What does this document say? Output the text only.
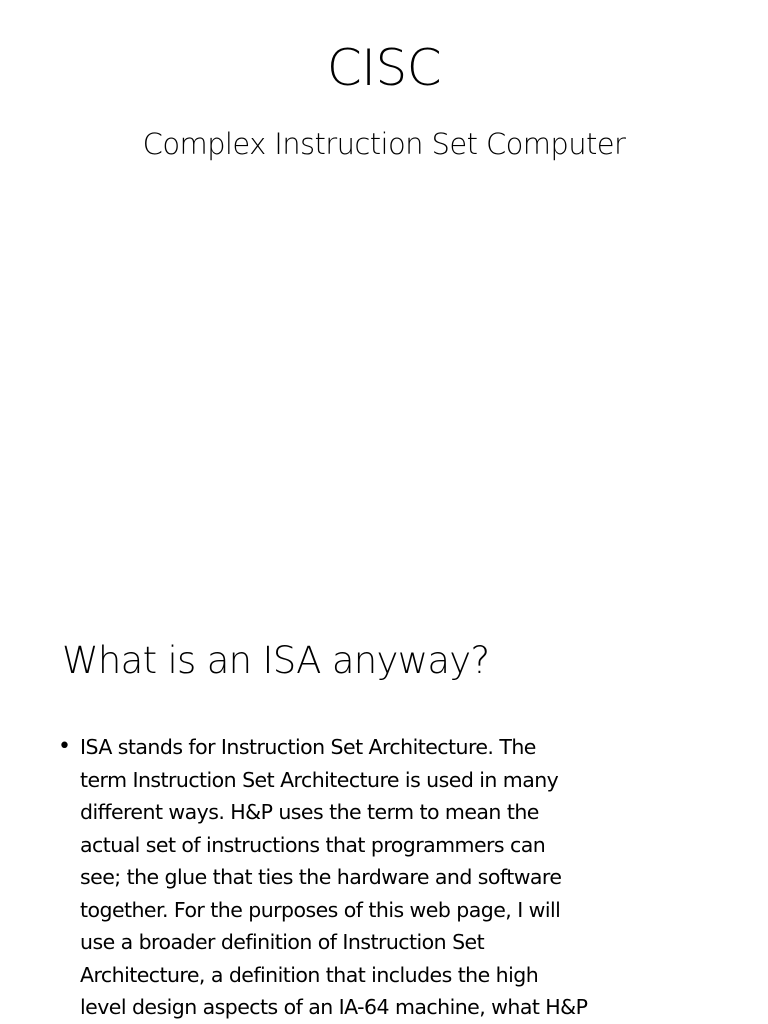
CISC
Complex Instruction Set Computer
What is an ISA anyway?
• ISA stands for Instruction Set Architecture. The
term Instruction Set Architecture is used in many
different ways. H&P uses the term to mean the
actual set of instructions that programmers can
see; the glue that ties the hardware and software
together. For the purposes of this web page, I will
use a broader definition of Instruction Set
Architecture, a definition that includes the high
level design aspects of an IA-64 machine, what H&P
